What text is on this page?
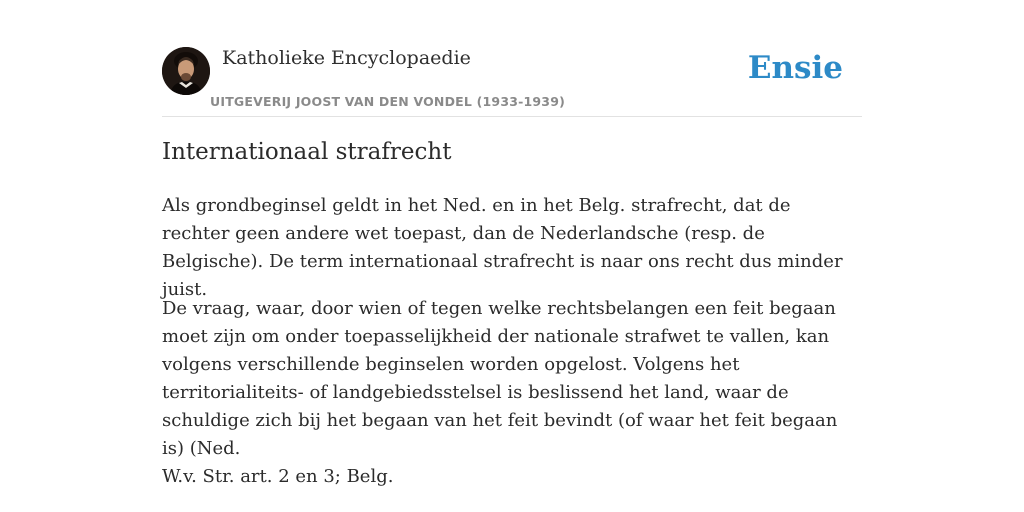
Katholieke Encyclopaedie
UITGEVERIJ JOOST VAN DEN VONDEL (1933-1939)
Ensie
Internationaal strafrecht

Als grondbeginsel geldt in het Ned. en in het Belg. strafrecht, dat de rechter geen andere wet toepast, dan de Nederlandsche (resp. de Belgische). De term internationaal strafrecht is naar ons recht dus minder juist.

De vraag, waar, door wien of tegen welke rechtsbelangen een feit begaan moet zijn om onder toepasselijkheid der nationale strafwet te vallen, kan volgens verschillende beginselen worden opgelost. Volgens het territorialiteits- of landgebiedsstelsel is beslissend het land, waar de schuldige zich bij het begaan van het feit bevindt (of waar het feit begaan is) (Ned.

W.v. Str. art. 2 en 3; Belg.
